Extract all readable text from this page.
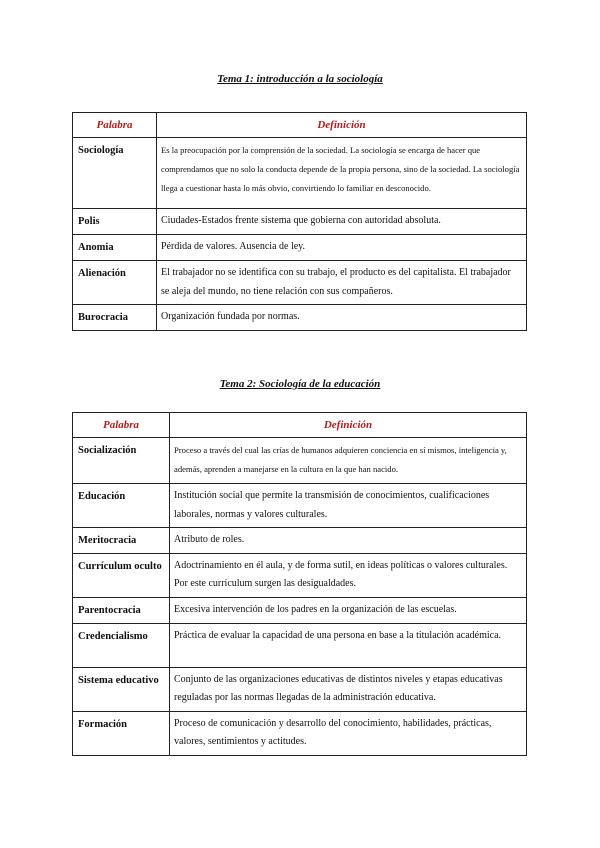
Tema 1: introducción a la sociología
Palabra	Definición
Sociología	Es la preocupación por la comprensión de la sociedad. La sociología se encarga de hacer que comprendamos que no solo la conducta depende de la propia persona, sino de la sociedad. La sociología llega a cuestionar hasta lo más obvio, convirtiendo lo familiar en desconocido.
Polis	Ciudades-Estados frente sistema que gobierna con autoridad absoluta.
Anomia	Pérdida de valores. Ausencia de ley.
Alienación	El trabajador no se identifica con su trabajo, el producto es del capitalista. El trabajador se aleja del mundo, no tiene relación con sus compañeros.
Burocracia	Organización fundada por normas.
Tema 2: Sociología de la educación
Palabra	Definición
Socialización	Proceso a través del cual las crías de humanos adquieren conciencia en sí mismos, inteligencia y, además, aprenden a manejarse en la cultura en la que han nacido.
Educación	Institución social que permite la transmisión de conocimientos, cualificaciones laborales, normas y valores culturales.
Meritocracia	Atributo de roles.
Currículum oculto	Adoctrinamiento en él aula, y de forma sutil, en ideas políticas o valores culturales. Por este currículum surgen las desigualdades.
Parentocracia	Excesiva intervención de los padres en la organización de las escuelas.
Credencialismo	Práctica de evaluar la capacidad de una persona en base a la titulación académica.
Sistema educativo	Conjunto de las organizaciones educativas de distintos niveles y etapas educativas reguladas por las normas llegadas de la administración educativa.
Formación	Proceso de comunicación y desarrollo del conocimiento, habilidades, prácticas, valores, sentimientos y actitudes.
